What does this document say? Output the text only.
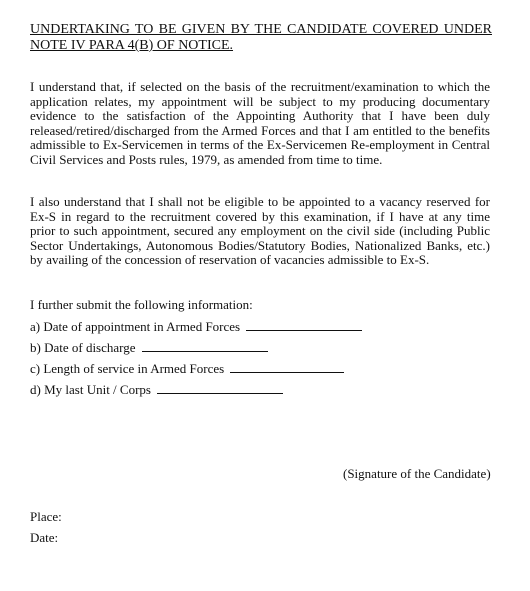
UNDERTAKING TO BE GIVEN BY THE CANDIDATE COVERED UNDER NOTE IV PARA 4(B) OF NOTICE.

I understand that, if selected on the basis of the recruitment/examination to which the application relates, my appointment will be subject to my producing documentary evidence to the satisfaction of the Appointing Authority that I have been duly released/retired/discharged from the Armed Forces and that I am entitled to the benefits admissible to Ex-Servicemen in terms of the Ex-Servicemen Re-employment in Central Civil Services and Posts rules, 1979, as amended from time to time.

I also understand that I shall not be eligible to be appointed to a vacancy reserved for Ex-S in regard to the recruitment covered by this examination, if I have at any time prior to such appointment, secured any employment on the civil side (including Public Sector Undertakings, Autonomous Bodies/Statutory Bodies, Nationalized Banks, etc.) by availing of the concession of reservation of vacancies admissible to Ex-S.

I further submit the following information:
a) Date of appointment in Armed Forces
b) Date of discharge
c) Length of service in Armed Forces
d) My last Unit / Corps
(Signature of the Candidate)
Place:
Date:
